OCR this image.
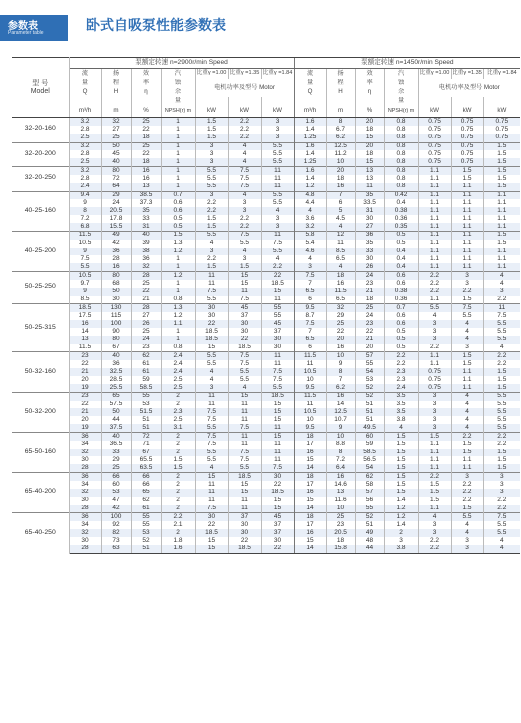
参数表
Parameter table	卧式自吸泵性能参数表
型 号
Model	泵额定转速 n=2900r/min Speed							泵额定转速 n=1450r/min Speed						
	流	扬	效	汽	比重γ =1.00	比重γ =1.35	比重γ =1.84	流	扬	效	汽	比重γ =1.00	比重γ =1.35	比重γ =1.84
	量	程	率	蚀	电机功率及型号 Motor			量	程	率	蚀	电机功率及型号 Motor		
	Q	H	η	余				Q	H	η	余			
				量							量			
	m³/h	m	%	NPSH(r) m	kW	kW	kW	m³/h	m	%	NPSH(r) m	kW	kW	kW
32-20-160	3.2	32	25	1	1.5	2.2	3	1.6	8	20	0.8	0.75	0.75	0.75
	2.8	27	22	1	1.5	2.2	3	1.4	6.7	18	0.8	0.75	0.75	0.75
	2.5	25	18	1	1.5	2.2	3	1.25	6.2	15	0.8	0.75	0.75	0.75
32-20-200	3.2	50	25	1	3	4	5.5	1.6	12.5	20	0.8	0.75	0.75	1.5
	2.8	45	22	1	3	4	5.5	1.4	11.2	18	0.8	0.75	0.75	1.5
	2.5	40	18	1	3	4	5.5	1.25	10	15	0.8	0.75	0.75	1.5
32-20-250	3.2	80	16	1	5.5	7.5	11	1.6	20	13	0.8	1.1	1.5	1.5
	2.8	72	16	1	5.5	7.5	11	1.4	18	13	0.8	1.1	1.5	1.5
	2.4	64	13	1	5.5	7.5	11	1.2	16	11	0.8	1.1	1.1	1.5
40-25-160	9.4	29	38.5	0.7	3	4	5.5	4.8	7	35	0.42	1.1	1.1	1.1
	9	24	37.3	0.6	2.2	3	5.5	4.4	6	33.5	0.4	1.1	1.1	1.1
	8	20.5	35	0.6	2.2	3	4	4	5	31	0.38	1.1	1.1	1.1
	7.2	17.8	33	0.5	1.5	2.2	3	3.6	4.5	30	0.36	1.1	1.1	1.1
	6.8	15.5	31	0.5	1.5	2.2	3	3.2	4	27	0.35	1.1	1.1	1.1
40-25-200	11.5	49	40	1.5	5.5	7.5	11	5.8	12	36	0.5	1.1	1.1	1.5
	10.5	42	39	1.3	4	5.5	7.5	5.4	11	35	0.5	1.1	1.1	1.5
	9	36	38	1.2	3	4	5.5	4.6	8.5	33	0.4	1.1	1.1	1.1
	7.5	28	36	1	2.2	3	4	4	6.5	30	0.4	1.1	1.1	1.1
	5.5	16	32	1	1.5	1.5	2.2	3	4	26	0.4	1.1	1.1	1.1
50-25-250	10.5	80	28	1.2	11	15	22	7.5	18	24	0.6	2.2	3	4
	9.7	68	25	1	11	15	18.5	7	16	23	0.6	2.2	3	4
	9	50	22	1	7.5	11	15	6.5	11.5	21	0.38	2.2	2.2	3
	8.5	30	21	0.8	5.5	7.5	11	6	6.5	18	0.36	1.1	1.5	2.2
50-25-315	18.5	130	28	1.3	30	45	55	9.5	32	25	0.7	5.5	7.5	11
	17.5	115	27	1.2	30	37	55	8.7	29	24	0.6	4	5.5	7.5
	16	100	26	1.1	22	30	45	7.5	25	23	0.6	3	4	5.5
	14	90	25	1	18.5	30	37	7	22	22	0.5	3	4	5.5
	13	80	24	1	18.5	22	30	6.5	20	21	0.5	3	4	5.5
	11.5	67	23	0.8	15	18.5	30	6	16	20	0.5	2.2	3	4
50-32-160	23	40	62	2.4	5.5	7.5	11	11.5	10	57	2.2	1.1	1.5	2.2
	22	36	61	2.4	5.5	7.5	11	11	9	55	2.2	1.1	1.5	2.2
	21	32.5	61	2.4	4	5.5	7.5	10.5	8	54	2.3	0.75	1.1	1.5
	20	28.5	59	2.5	4	5.5	7.5	10	7	53	2.3	0.75	1.1	1.5
	19	25.5	58.5	2.5	3	4	5.5	9.5	6.2	52	2.4	0.75	1.1	1.5
50-32-200	23	65	55	2	11	15	18.5	11.5	16	52	3.5	3	4	5.5
	22	57.5	53	2	11	11	15	11	14	51	3.5	3	4	5.5
	21	50	51.5	2.3	7.5	11	15	10.5	12.5	51	3.5	3	4	5.5
	20	44	51	2.5	7.5	11	15	10	10.7	51	3.8	3	4	5.5
	19	37.5	51	3.1	5.5	7.5	11	9.5	9	49.5	4	3	4	5.5
65-50-160	36	40	72	2	7.5	11	15	18	10	60	1.5	1.5	2.2	2.2
	34	36.5	71	2	7.5	11	11	17	8.8	59	1.5	1.1	1.5	2.2
	32	33	67	2	5.5	7.5	11	16	8	58.5	1.5	1.1	1.5	1.5
	30	29	65.5	1.5	5.5	7.5	11	15	7.2	56.5	1.5	1.1	1.1	1.5
	28	25	63.5	1.5	4	5.5	7.5	14	6.4	54	1.5	1.1	1.1	1.5
65-40-200	36	66	66	2	15	18.5	30	18	16	62	1.5	2.2	3	3
	34	60	66	2	11	15	22	17	14.6	58	1.5	1.5	2.2	3
	32	53	65	2	11	15	18.5	16	13	57	1.5	1.5	2.2	3
	30	47	62	2	11	11	15	15	11.6	56	1.4	1.5	2.2	2.2
	28	42	61	2	7.5	11	15	14	10	55	1.2	1.1	1.5	2.2
65-40-250	36	100	55	2.2	30	37	45	18	25	52	1.2	4	5.5	7.5
	34	92	55	2.1	22	30	37	17	23	51	1.4	3	4	5.5
	32	82	53	2	18.5	30	37	16	20.5	49	2	3	4	5.5
	30	73	52	1.8	15	22	30	15	18	48	3	2.2	3	4
	28	63	51	1.6	15	18.5	22	14	15.8	44	3.8	2.2	3	4
